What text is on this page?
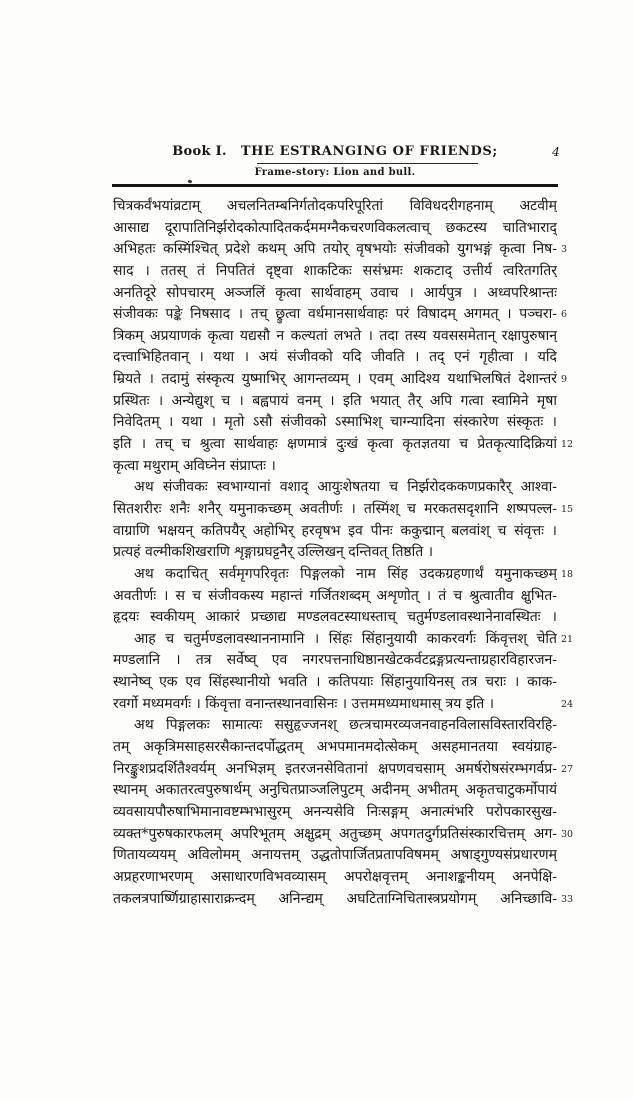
Book I. THE ESTRANGING OF FRIENDS;	4
Frame-story: Lion and bull.
चित्रकर्वंभयांव्रटाम् अचलनितम्बनिर्गतोदकपरिपूरितां विविधदरीगहनाम् अटवीम्
आसाद्य दूरापातिनिर्झरोदकोत्पादितकर्दममग्नैकचरणविकलत्वाच् छकटस्य चातिभाराद्
अभिहतः कस्मिंश्चित् प्रदेशे कथम् अपि तयोर् वृषभयोः संजीवको युगभङ्गं कृत्वा निष- 3
साद । ततस् तं निपतितं दृष्ट्वा शाकटिकः ससंभ्रमः शकटाद् उत्तीर्य त्वरितगतिर्
अनतिदूरे सोपचारम् अञ्जलिं कृत्वा सार्थवाहम् उवाच । आर्यपुत्र । अध्वपरिश्रान्तः
संजीवकः पङ्के निषसाद । तच् छ्रुत्वा वर्धमानसार्थवाहः परं विषादम् अगमत् । पञ्चरा- 6
त्रिकम् अप्रयाणकं कृत्वा यद्यसौ न कल्यतां लभते । तदा तस्य यवससमेतान् रक्षापुरुषान्
दत्त्वाभिहितवान् । यथा । अयं संजीवको यदि जीवति । तद् एनं गृहीत्वा । यदि
म्रियते । तदामुं संस्कृत्य युष्माभिर् आगन्तव्यम् । एवम् आदिश्य यथाभिलषितं देशान्तरं 9
प्रस्थितः । अन्येद्युश् च । बह्वपायं वनम् । इति भयात् तैर् अपि गत्वा स्वामिने मृषा
निवेदितम् । यथा । मृतो ऽसौ संजीवको ऽस्माभिश् चाग्न्यादिना संस्कारेण संस्कृतः ।
इति । तच् च श्रुत्वा सार्थवाहः क्षणमात्रं दुःखं कृत्वा कृतज्ञतया च प्रेतकृत्यादिक्रियां 12
कृत्वा मथुराम् अविघ्नेन संप्राप्तः ।
अथ संजीवकः स्वभाग्यानां वशाद् आयुःशेषतया च निर्झरोदककणप्रकारैर् आश्वा-
सितशरीरः शनैः शनैर् यमुनाकच्छम् अवतीर्णः । तस्मिंश् च मरकतसदृशानि शष्पपल्ल- 15
वाग्राणि भक्षयन् कतिपयैर् अहोभिर् हरवृषभ इव पीनः ककुद्मान् बलवांश् च संवृत्तः ।
प्रत्यहं वल्मीकशिखराणि शृङ्गाग्रघट्टनैर् उल्लिखन् दन्तिवत् तिष्ठति ।
अथ कदाचित् सर्वमृगपरिवृतः पिङ्गलको नाम सिंह उदकग्रहणार्थं यमुनाकच्छम् 18
अवतीर्णः । स च संजीवकस्य महान्तं गर्जितशब्दम् अशृणोत् । तं च श्रुत्वातीव क्षुभित-
हृदयः स्वकीयम् आकारं प्रच्छाद्य मण्डलवटस्याधस्ताच् चतुर्मण्डलावस्थानेनावस्थितः ।
आह च चतुर्मण्डलावस्थाननामानि । सिंहः सिंहानुयायी काकरवर्गः किंवृत्तश् चेति 21
मण्डलानि । तत्र सर्वेष्व् एव नगरपत्तनाधिष्ठानखेटकर्वटद्रङ्गप्रत्यन्ताग्रहारविहारजन-
स्थानेष्व् एक एव सिंहस्थानीयो भवति । कतिपयाः सिंहानुयायिनस् तत्र चराः । काक-
रवर्गो मध्यमवर्गः । किंवृत्ता वनान्तस्थानवासिनः । उत्तममध्यमाधमास् त्रय इति ।	24
अथ पिङ्गलकः सामात्यः ससुहृज्जनश् छत्त्रचामरव्यजनवाहनविलासविस्तारविरहि-
तम् अकृत्रिमसाहसरसैकान्तदर्पोद्धतम् अभपमानमदोत्सेकम् असहमानतया स्वयंग्राह-
निरङ्कुशप्रदर्शितैश्वर्यम् अनभिज्ञम् इतरजनसेवितानां क्षपणवचसाम् अमर्षरोषसंरम्भगर्वप्र- 27
स्थानम् अकातरत्वपुरुषार्थम् अनुचितप्राञ्जलिपुटम् अदीनम् अभीतम् अकृतचाटुकर्मोपायं
व्यवसायपौरुषाभिमानावष्टम्भभासुरम् अनन्यसेवि निःसङ्गम् अनात्मंभरि परोपकारसुख-
व्यक्त*पुरुषकारफलम् अपरिभूतम् अक्षुद्रम् अतुच्छम् अपगतदुर्गप्रतिसंस्कारचित्तम् अग- 30
णितायव्ययम् अविलोमम् अनायत्तम् उद्धतोपार्जितप्रतापविषमम् अषाड्गुण्यसंप्रधारणम्
अप्रहरणाभरणम् असाधारणविभवव्यासम् अपरोक्षवृत्तम् अनाशङ्कनीयम् अनपेक्षि-
तकलत्रपार्ष्णिग्राहासाराक्रन्दम् अनिन्द्यम् अघटिताग्निचितास्त्रप्रयोगम् अनिच्छावि- 33
